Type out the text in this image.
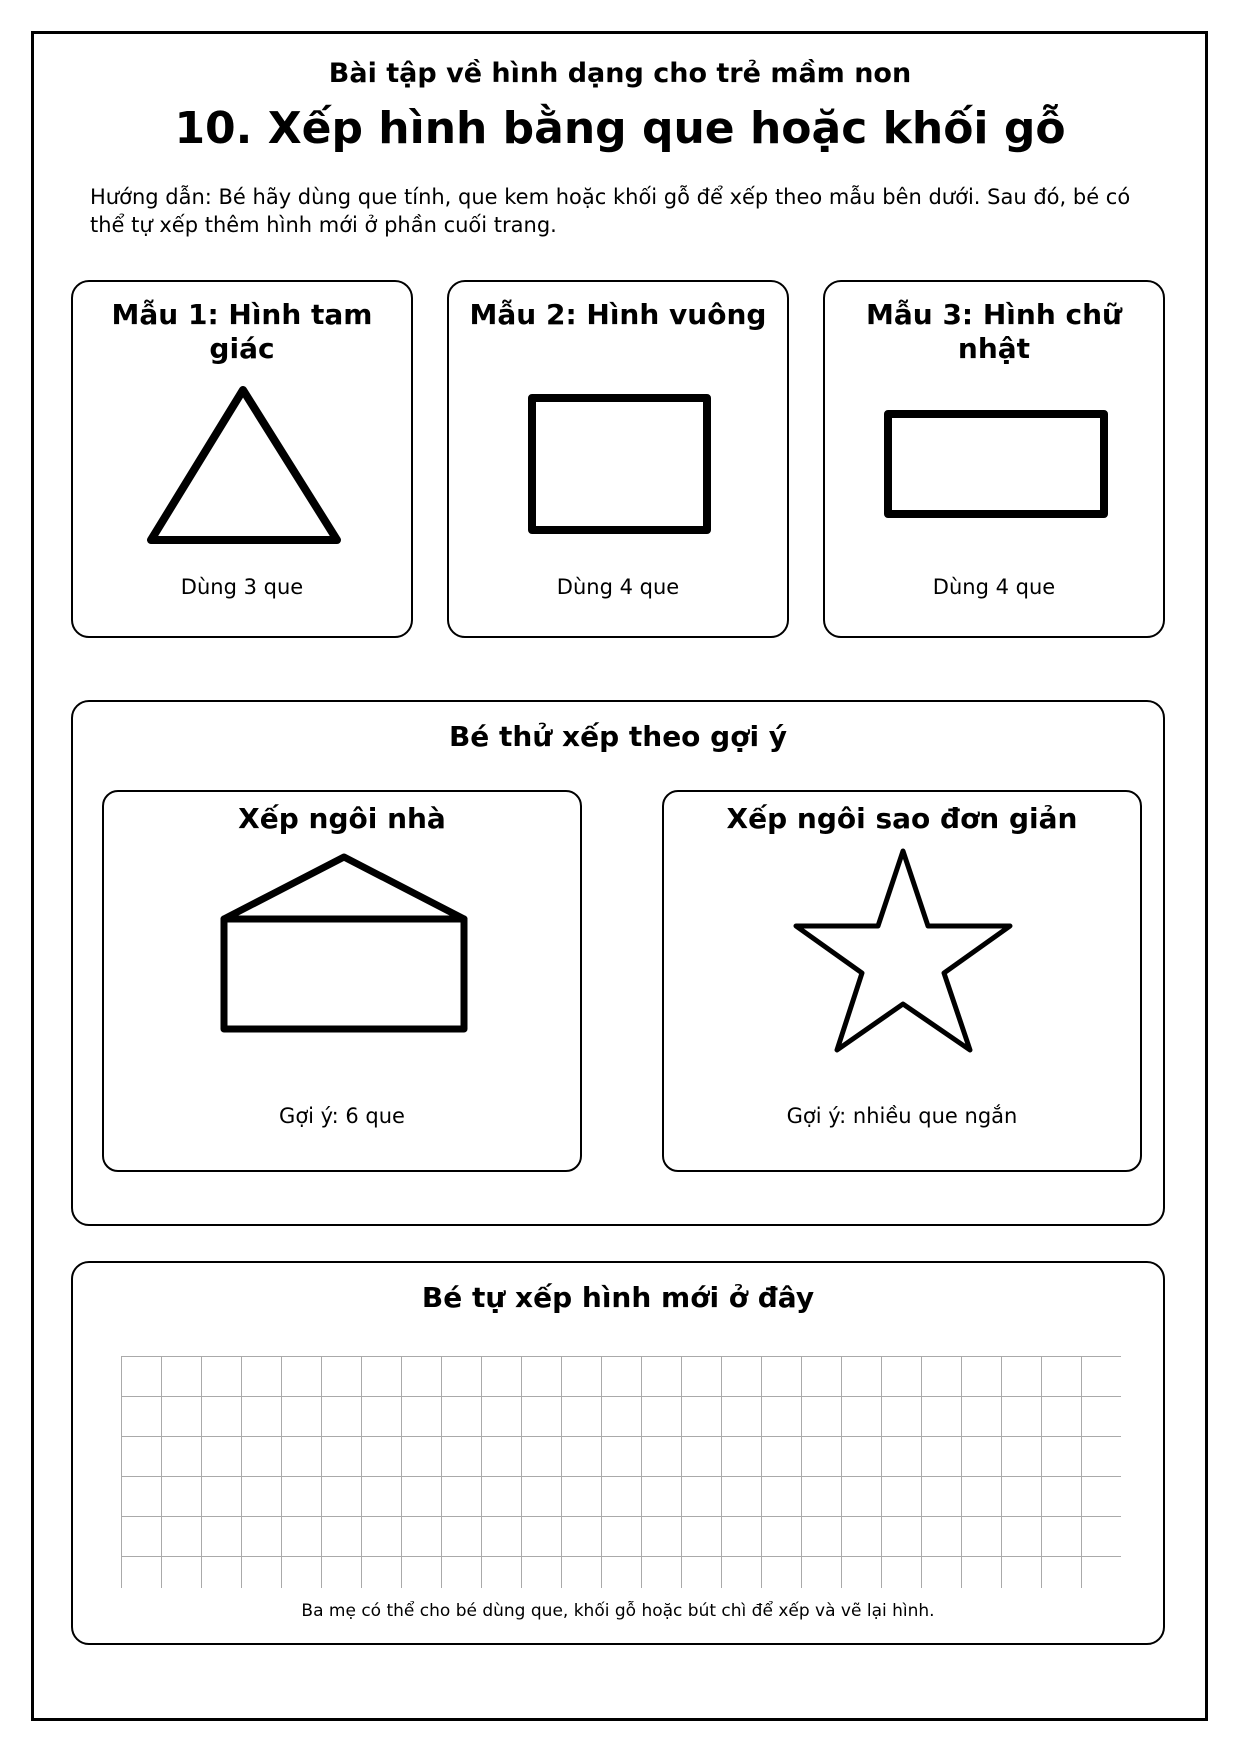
Bài tập về hình dạng cho trẻ mầm non
10. Xếp hình bằng que hoặc khối gỗ
Hướng dẫn: Bé hãy dùng que tính, que kem hoặc khối gỗ để xếp theo mẫu bên dưới. Sau đó, bé có thể tự xếp thêm hình mới ở phần cuối trang.
Mẫu 1: Hình tam giác
Dùng 3 que
Mẫu 2: Hình vuông
Dùng 4 que
Mẫu 3: Hình chữ nhật
Dùng 4 que
Bé thử xếp theo gợi ý
Xếp ngôi nhà
Gợi ý: 6 que
Xếp ngôi sao đơn giản
Gợi ý: nhiều que ngắn
Bé tự xếp hình mới ở đây
Ba mẹ có thể cho bé dùng que, khối gỗ hoặc bút chì để xếp và vẽ lại hình.
